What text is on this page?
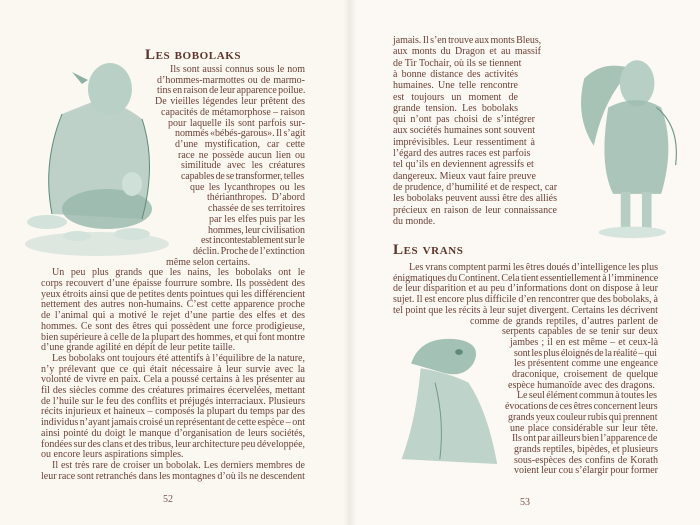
Les bobolaks
Ils sont aussi connus sous le nom
d’hommes-marmottes ou de marmo-
tins en raison de leur apparence poilue.
De vieilles légendes leur prêtent des
capacités de métamorphose – raison
pour laquelle ils sont parfois sur-
nommés «bébés-garous». Il s’agit
d’une mystification, car cette
race ne possède aucun lien ou
similitude avec les créatures
capables de se transformer, telles
que les lycanthropes ou les
thérianthropes. D’abord
chassée de ses territoires
par les elfes puis par les
hommes, leur civilisation
est incontestablement sur le
déclin. Proche de l’extinction
même selon certains.
Un peu plus grands que les nains, les bobolaks ont le
corps recouvert d’une épaisse fourrure sombre. Ils possèdent des
yeux étroits ainsi que de petites dents pointues qui les différencient
nettement des autres non-humains. C’est cette apparence proche
de l’animal qui a motivé le rejet d’une partie des elfes et des
hommes. Ce sont des êtres qui possèdent une force prodigieuse,
bien supérieure à celle de la plupart des hommes, et qui font montre
d’une grande agilité en dépit de leur petite taille.
Les bobolaks ont toujours été attentifs à l’équilibre de la nature,
n’y prélevant que ce qui était nécessaire à leur survie avec la
volonté de vivre en paix. Cela a poussé certains à les présenter au
fil des siècles comme des créatures primaires écervelées, mettant
de l’huile sur le feu des conflits et préjugés interraciaux. Plusieurs
récits injurieux et haineux – composés la plupart du temps par des
individus n’ayant jamais croisé un représentant de cette espèce – ont
ainsi pointé du doigt le manque d’organisation de leurs sociétés,
fondées sur des clans et des tribus, leur architecture peu développée,
ou encore leurs aspirations simples.
Il est très rare de croiser un bobolak. Les derniers membres de
leur race sont retranchés dans les montagnes d’où ils ne descendent
52
Les vrans
jamais. Il s’en trouve aux monts Bleus,
aux monts du Dragon et au massif
de Tir Tochair, où ils se tiennent
à bonne distance des activités
humaines. Une telle rencontre
est toujours un moment de
grande tension. Les bobolaks
qui n’ont pas choisi de s’intégrer
aux sociétés humaines sont souvent
imprévisibles. Leur ressentiment à
l’égard des autres races est parfois
tel qu’ils en deviennent agressifs et
dangereux. Mieux vaut faire preuve
de prudence, d’humilité et de respect, car
les bobolaks peuvent aussi être des alliés
précieux en raison de leur connaissance
du monde.
Les vrans comptent parmi les êtres doués d’intelligence les plus
énigmatiques du Continent. Cela tient essentiellement à l’imminence
de leur disparition et au peu d’informations dont on dispose à leur
sujet. Il est encore plus difficile d’en rencontrer que des bobolaks, à
tel point que les récits à leur sujet divergent. Certains les décrivent
comme de grands reptiles, d’autres parlent de
serpents capables de se tenir sur deux
jambes ; il en est même – et ceux-là
sont les plus éloignés de la réalité – qui
les présentent comme une engeance
draconique, croisement de quelque
espèce humanoïde avec des dragons.
Le seul élément commun à toutes les
évocations de ces êtres concernent leurs
grands yeux couleur rubis qui prennent
une place considérable sur leur tête.
Ils ont par ailleurs bien l’apparence de
grands reptiles, bipèdes, et plusieurs
sous-espèces des confins de Korath
voient leur cou s’élargir pour former
53
